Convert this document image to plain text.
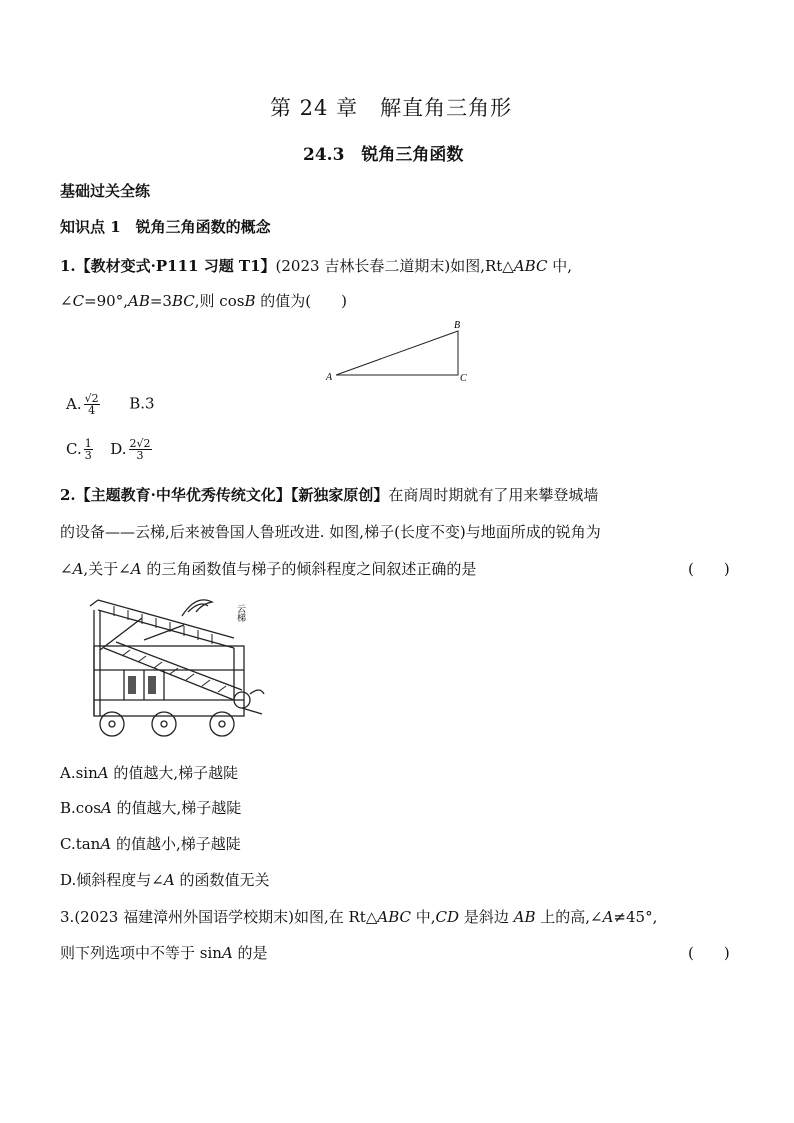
第 24 章　解直角三角形
24.3　锐角三角函数
基础过关全练
知识点 1　锐角三角函数的概念
1.【教材变式·P111 习题 T1】(2023 吉林长春二道期末)如图,Rt△ABC 中,
∠C=90°,AB=3BC,则 cosB 的值为(　　)
A
B
C
A. $\frac{√2}{4} B.3$
C. $\frac{1}{3} D$. $\frac{2√2}{3}$
2.【主题教育·中华优秀传统文化】【新独家原创】在商周时期就有了用来攀登城墙
的设备——云梯,后来被鲁国人鲁班改进. 如图,梯子(长度不变)与地面所成的锐角为
∠A,关于∠A 的三角函数值与梯子的倾斜程度之间叙述正确的是	(　　)
云梯
A.sinA 的值越大,梯子越陡
B.cosA 的值越大,梯子越陡
C.tanA 的值越小,梯子越陡
D.倾斜程度与∠A 的函数值无关
3.(2023 福建漳州外国语学校期末)如图,在 Rt△ABC 中,CD 是斜边 AB 上的高,∠A≠45°,
则下列选项中不等于 sinA 的是	(　　)
